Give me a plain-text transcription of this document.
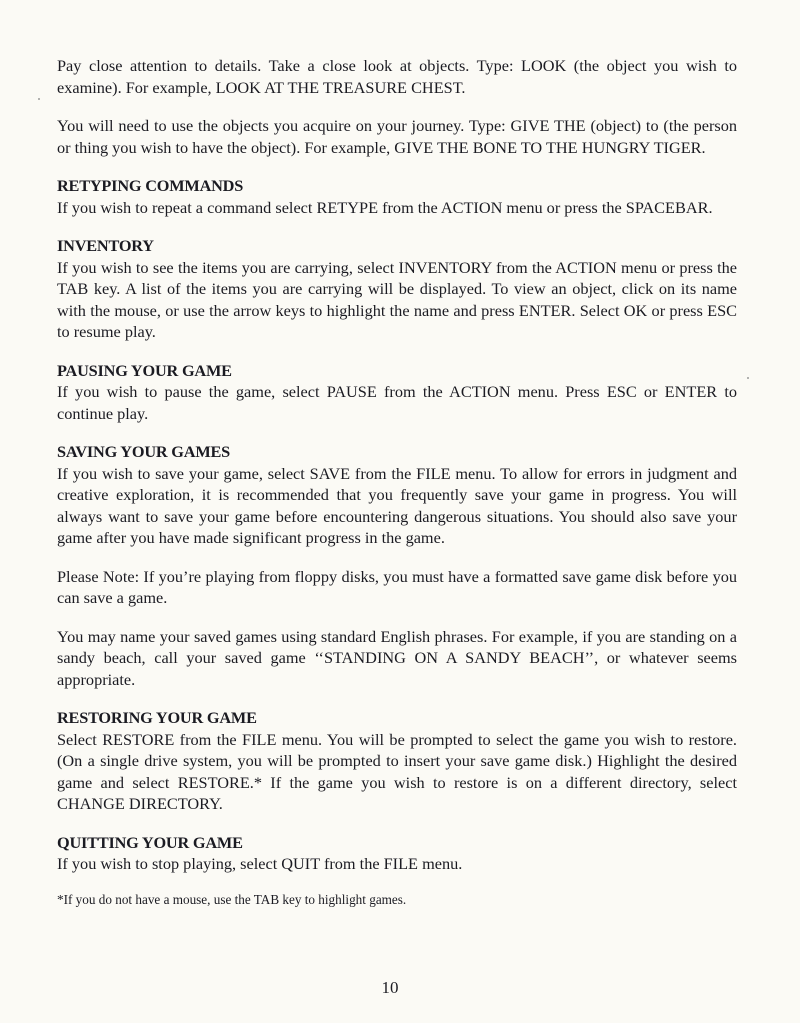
Pay close attention to details. Take a close look at objects. Type: LOOK (the object you wish to examine). For example, LOOK AT THE TREASURE CHEST.

You will need to use the objects you acquire on your journey. Type: GIVE THE (object) to (the person or thing you wish to have the object). For example, GIVE THE BONE TO THE HUNGRY TIGER.

RETYPING COMMANDS

If you wish to repeat a command select RETYPE from the ACTION menu or press the SPACEBAR.

INVENTORY

If you wish to see the items you are carrying, select INVENTORY from the ACTION menu or press the TAB key. A list of the items you are carrying will be displayed. To view an object, click on its name with the mouse, or use the arrow keys to highlight the name and press ENTER. Select OK or press ESC to resume play.

PAUSING YOUR GAME

If you wish to pause the game, select PAUSE from the ACTION menu. Press ESC or ENTER to continue play.

SAVING YOUR GAMES

If you wish to save your game, select SAVE from the FILE menu. To allow for errors in judgment and creative exploration, it is recommended that you frequently save your game in progress. You will always want to save your game before encountering dangerous situations. You should also save your game after you have made significant progress in the game.

Please Note: If you’re playing from floppy disks, you must have a formatted save game disk before you can save a game.

You may name your saved games using standard English phrases. For example, if you are standing on a sandy beach, call your saved game ‘‘STANDING ON A SANDY BEACH’’, or whatever seems appropriate.

RESTORING YOUR GAME

Select RESTORE from the FILE menu. You will be prompted to select the game you wish to restore. (On a single drive system, you will be prompted to insert your save game disk.) Highlight the desired game and select RESTORE.* If the game you wish to restore is on a different directory, select CHANGE DIRECTORY.

QUITTING YOUR GAME

If you wish to stop playing, select QUIT from the FILE menu.

*If you do not have a mouse, use the TAB key to highlight games.

10
